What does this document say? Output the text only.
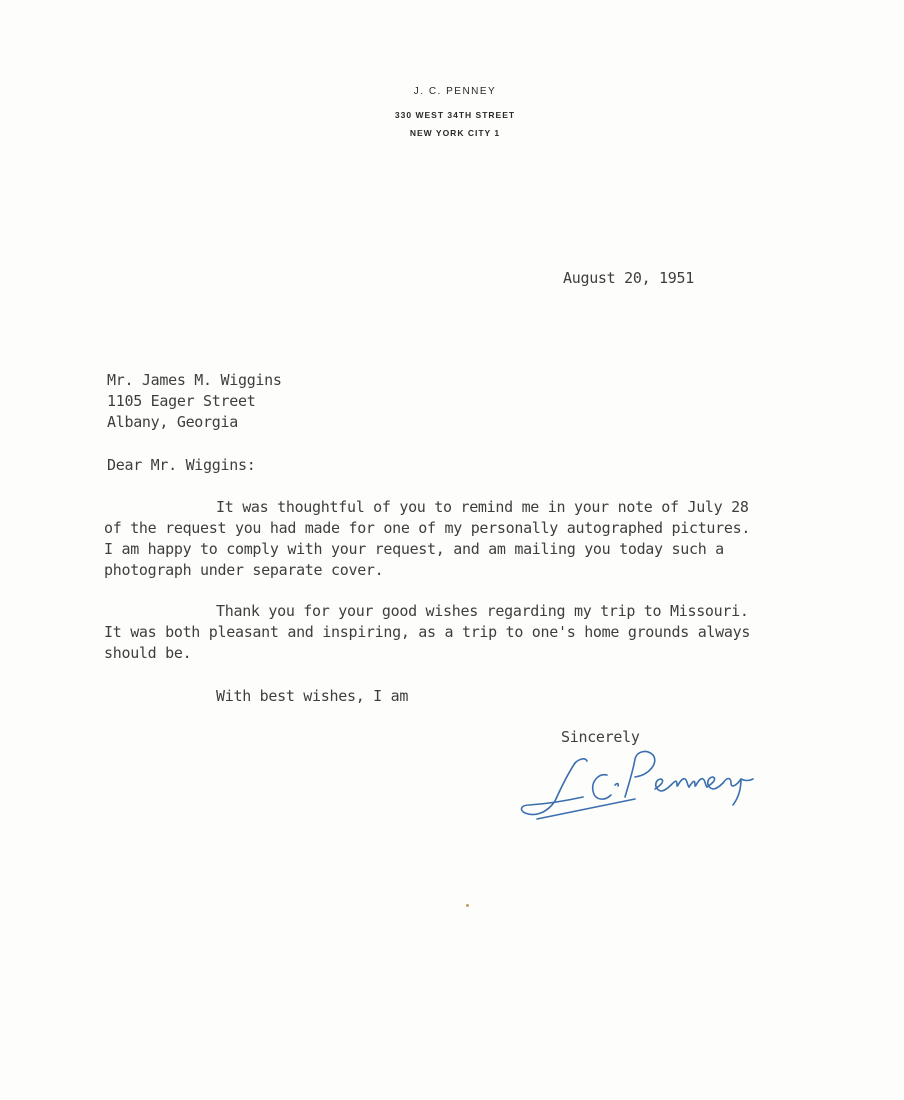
J. C. PENNEY
330 WEST 34TH STREET
NEW YORK CITY 1
August 20, 1951
Mr. James M. Wiggins
1105 Eager Street
Albany, Georgia
Dear Mr. Wiggins:
It was thoughtful of you to remind me in your note of July 28
of the request you had made for one of my personally autographed pictures.
I am happy to comply with your request, and am mailing you today such a
photograph under separate cover.
Thank you for your good wishes regarding my trip to Missouri.
It was both pleasant and inspiring, as a trip to one's home grounds always
should be.
With best wishes, I am
Sincerely
